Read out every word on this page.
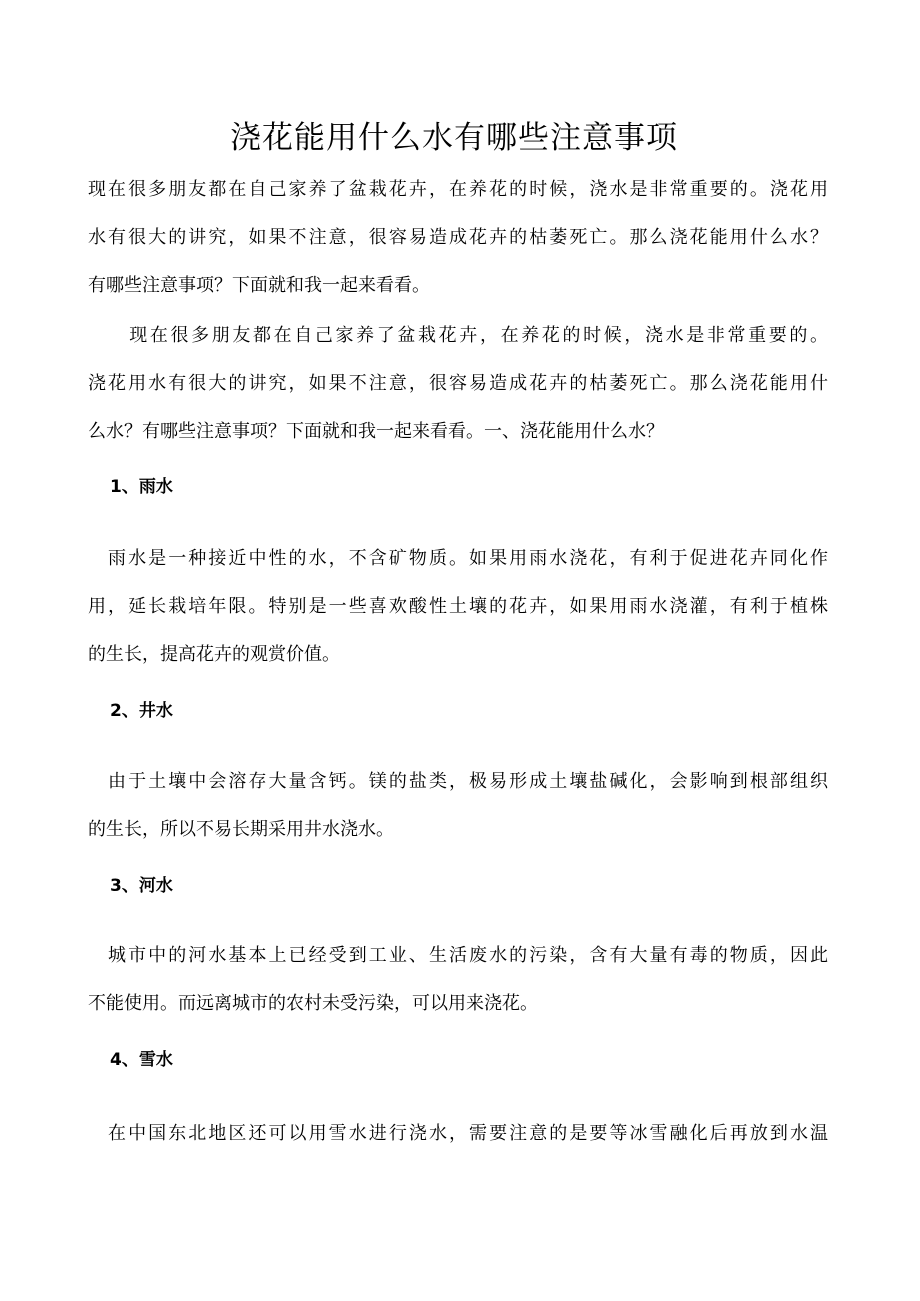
浇花能用什么水有哪些注意事项

现在很多朋友都在自己家养了盆栽花卉，在养花的时候，浇水是非常重要的。浇花用
水有很大的讲究，如果不注意，很容易造成花卉的枯萎死亡。那么浇花能用什么水？
有哪些注意事项？下面就和我一起来看看。

　　现在很多朋友都在自己家养了盆栽花卉，在养花的时候，浇水是非常重要的。
浇花用水有很大的讲究，如果不注意，很容易造成花卉的枯萎死亡。那么浇花能用什
么水？有哪些注意事项？下面就和我一起来看看。一、浇花能用什么水？

1、雨水

　雨水是一种接近中性的水，不含矿物质。如果用雨水浇花，有利于促进花卉同化作
用，延长栽培年限。特别是一些喜欢酸性土壤的花卉，如果用雨水浇灌，有利于植株
的生长，提高花卉的观赏价值。

2、井水

　由于土壤中会溶存大量含钙。镁的盐类，极易形成土壤盐碱化，会影响到根部组织
的生长，所以不易长期采用井水浇水。

3、河水

　城市中的河水基本上已经受到工业、生活废水的污染，含有大量有毒的物质，因此
不能使用。而远离城市的农村未受污染，可以用来浇花。

4、雪水

　在中国东北地区还可以用雪水进行浇水，需要注意的是要等冰雪融化后再放到水温
